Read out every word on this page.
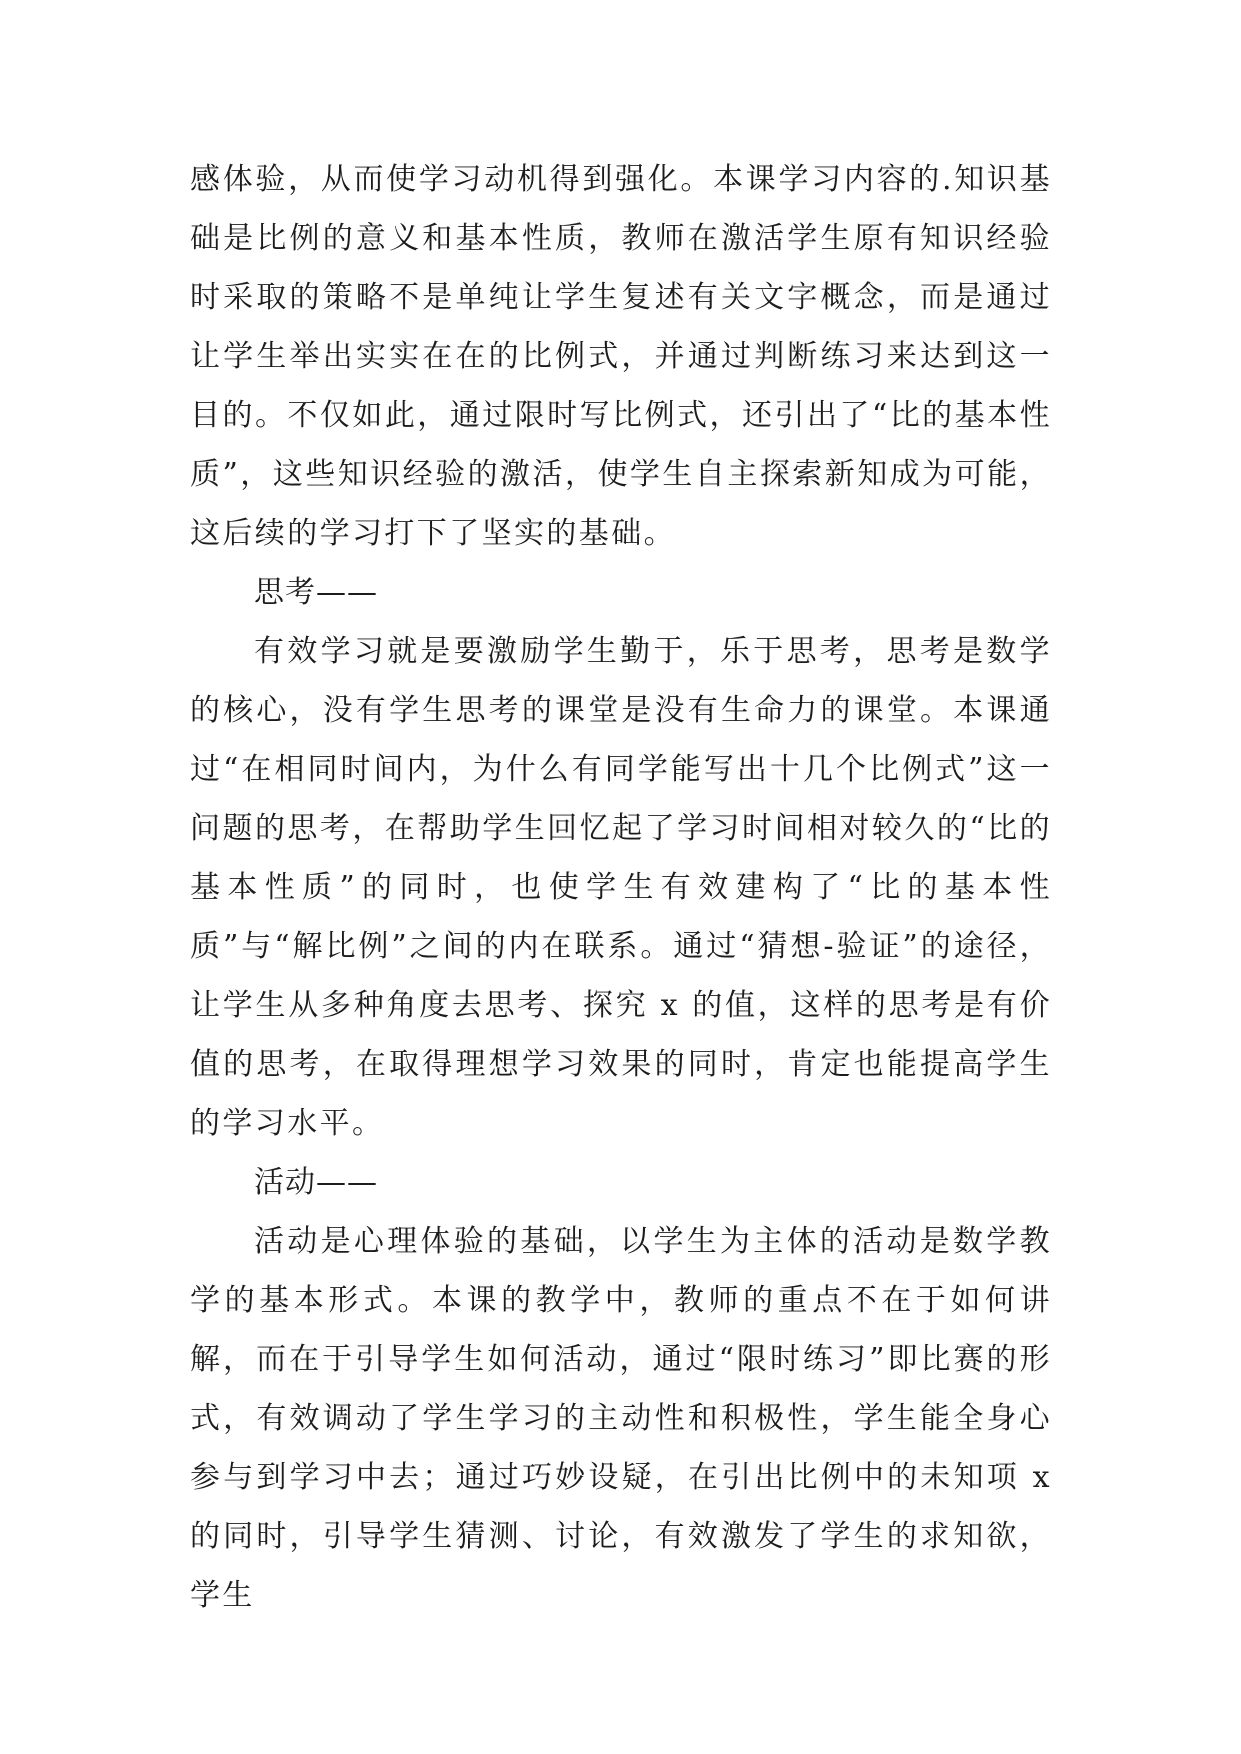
感体验，从而使学习动机得到强化。本课学习内容的.知识基础是比例的意义和基本性质，教师在激活学生原有知识经验时采取的策略不是单纯让学生复述有关文字概念，而是通过让学生举出实实在在的比例式，并通过判断练习来达到这一目的。不仅如此，通过限时写比例式，还引出了“比的基本性质”，这些知识经验的激活，使学生自主探索新知成为可能，这后续的学习打下了坚实的基础。

思考——

有效学习就是要激励学生勤于，乐于思考，思考是数学的核心，没有学生思考的课堂是没有生命力的课堂。本课通过“在相同时间内，为什么有同学能写出十几个比例式”这一问题的思考，在帮助学生回忆起了学习时间相对较久的“比的基本性质”的同时，也使学生有效建构了“比的基本性质”与“解比例”之间的内在联系。通过“猜想-验证”的途径，让学生从多种角度去思考、探究 x 的值，这样的思考是有价值的思考，在取得理想学习效果的同时，肯定也能提高学生的学习水平。

活动——

活动是心理体验的基础，以学生为主体的活动是数学教学的基本形式。本课的教学中，教师的重点不在于如何讲解，而在于引导学生如何活动，通过“限时练习”即比赛的形式，有效调动了学生学习的主动性和积极性，学生能全身心参与到学习中去；通过巧妙设疑，在引出比例中的未知项 x 的同时，引导学生猜测、讨论，有效激发了学生的求知欲，学生
